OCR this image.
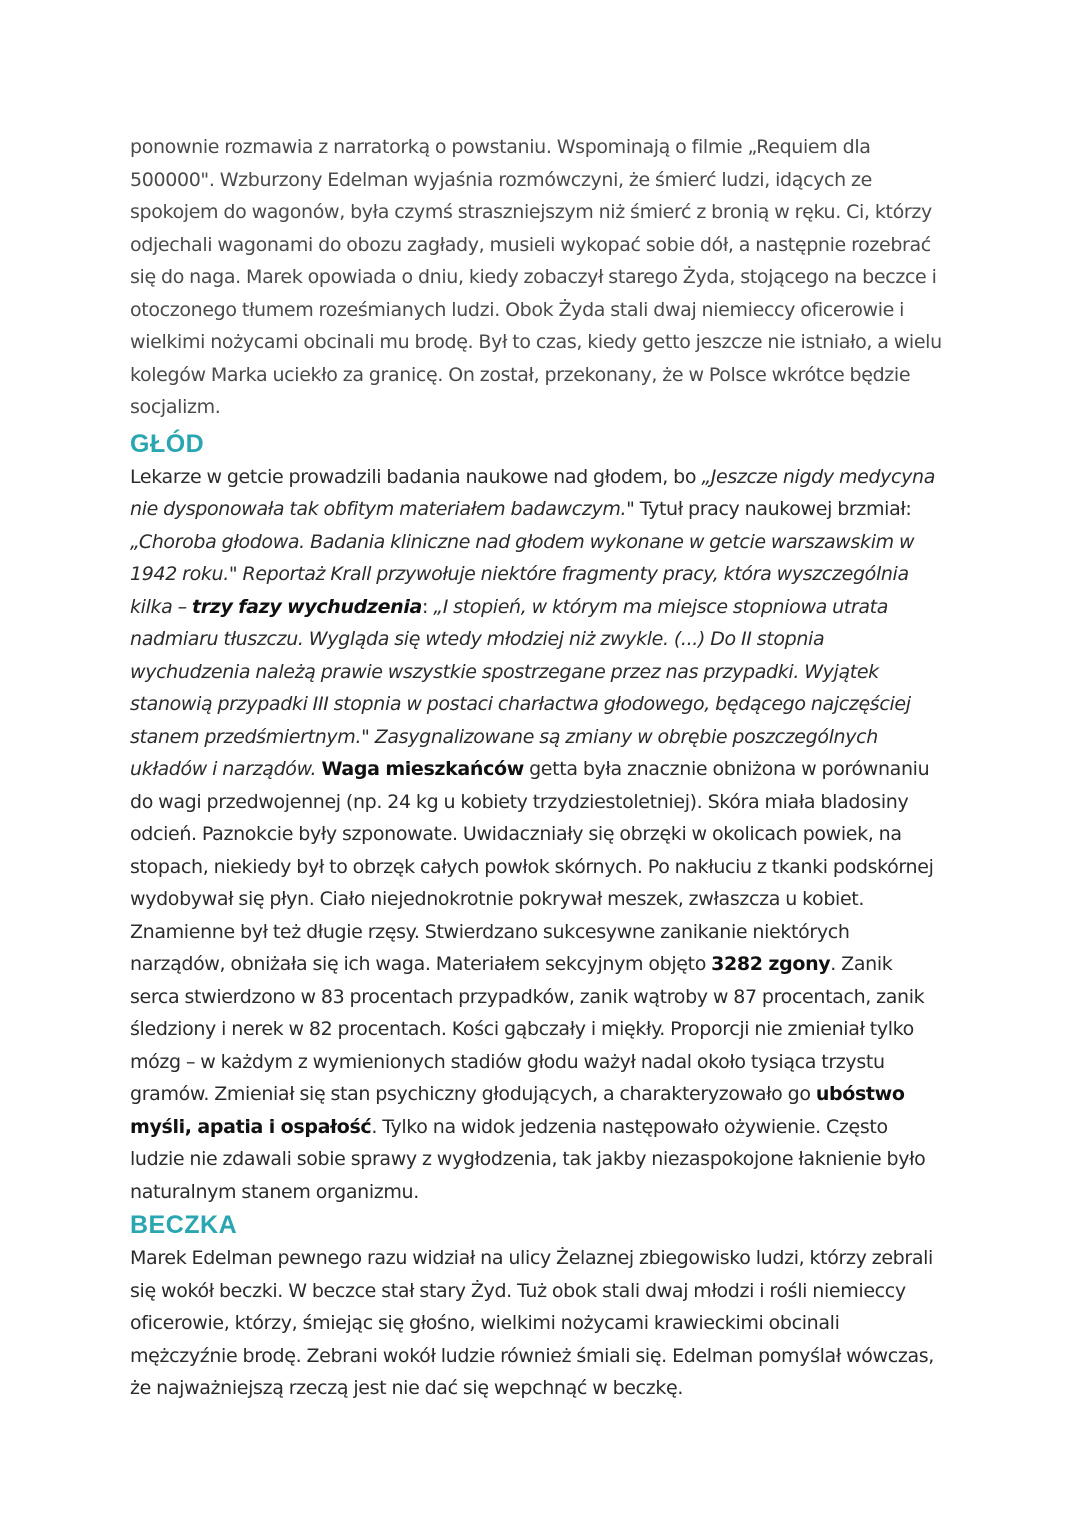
ponownie rozmawia z narratorką o powstaniu. Wspominają o filmie „Requiem dla 500000". Wzburzony Edelman wyjaśnia rozmówczyni, że śmierć ludzi, idących ze spokojem do wagonów, była czymś straszniejszym niż śmierć z bronią w ręku. Ci, którzy odjechali wagonami do obozu zagłady, musieli wykopać sobie dół, a następnie rozebrać się do naga. Marek opowiada o dniu, kiedy zobaczył starego Żyda, stojącego na beczce i otoczonego tłumem roześmianych ludzi. Obok Żyda stali dwaj niemieccy oficerowie i wielkimi nożycami obcinali mu brodę. Był to czas, kiedy getto jeszcze nie istniało, a wielu kolegów Marka uciekło za granicę. On został, przekonany, że w Polsce wkrótce będzie socjalizm.

GŁÓD

Lekarze w getcie prowadzili badania naukowe nad głodem, bo „Jeszcze nigdy medycyna nie dysponowała tak obfitym materiałem badawczym." Tytuł pracy naukowej brzmiał: „Choroba głodowa. Badania kliniczne nad głodem wykonane w getcie warszawskim w 1942 roku." Reportaż Krall przywołuje niektóre fragmenty pracy, która wyszczególnia kilka – trzy fazy wychudzenia: „I stopień, w którym ma miejsce stopniowa utrata nadmiaru tłuszczu. Wygląda się wtedy młodziej niż zwykle. (...) Do II stopnia wychudzenia należą prawie wszystkie spostrzegane przez nas przypadki. Wyjątek stanowią przypadki III stopnia w postaci charłactwa głodowego, będącego najczęściej stanem przedśmiertnym." Zasygnalizowane są zmiany w obrębie poszczególnych układów i narządów. Waga mieszkańców getta była znacznie obniżona w porównaniu do wagi przedwojennej (np. 24 kg u kobiety trzydziestoletniej). Skóra miała bladosiny odcień. Paznokcie były szponowate. Uwidaczniały się obrzęki w okolicach powiek, na stopach, niekiedy był to obrzęk całych powłok skórnych. Po nakłuciu z tkanki podskórnej wydobywał się płyn. Ciało niejednokrotnie pokrywał meszek, zwłaszcza u kobiet. Znamienne był też długie rzęsy. Stwierdzano sukcesywne zanikanie niektórych narządów, obniżała się ich waga. Materiałem sekcyjnym objęto 3282 zgony. Zanik serca stwierdzono w 83 procentach przypadków, zanik wątroby w 87 procentach, zanik śledziony i nerek w 82 procentach. Kości gąbczały i miękły. Proporcji nie zmieniał tylko mózg – w każdym z wymienionych stadiów głodu ważył nadal około tysiąca trzystu gramów. Zmieniał się stan psychiczny głodujących, a charakteryzowało go ubóstwo myśli, apatia i ospałość. Tylko na widok jedzenia następowało ożywienie. Często ludzie nie zdawali sobie sprawy z wygłodzenia, tak jakby niezaspokojone łaknienie było naturalnym stanem organizmu.

BECZKA

Marek Edelman pewnego razu widział na ulicy Żelaznej zbiegowisko ludzi, którzy zebrali się wokół beczki. W beczce stał stary Żyd. Tuż obok stali dwaj młodzi i rośli niemieccy oficerowie, którzy, śmiejąc się głośno, wielkimi nożycami krawieckimi obcinali mężczyźnie brodę. Zebrani wokół ludzie również śmiali się. Edelman pomyślał wówczas, że najważniejszą rzeczą jest nie dać się wepchnąć w beczkę.
